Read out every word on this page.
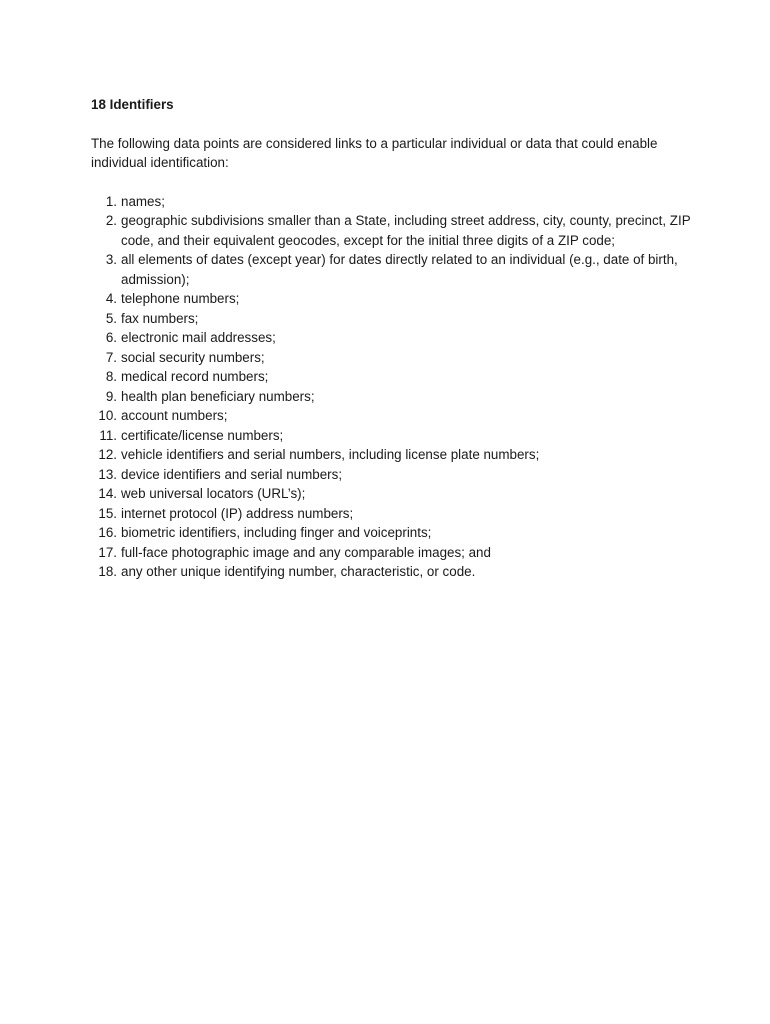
18 Identifiers
The following data points are considered links to a particular individual or data that could enable individual identification:
1. names;
2. geographic subdivisions smaller than a State, including street address, city, county, precinct, ZIP code, and their equivalent geocodes, except for the initial three digits of a ZIP code;
3. all elements of dates (except year) for dates directly related to an individual (e.g., date of birth, admission);
4. telephone numbers;
5. fax numbers;
6. electronic mail addresses;
7. social security numbers;
8. medical record numbers;
9. health plan beneficiary numbers;
10. account numbers;
11. certificate/license numbers;
12. vehicle identifiers and serial numbers, including license plate numbers;
13. device identifiers and serial numbers;
14. web universal locators (URL’s);
15. internet protocol (IP) address numbers;
16. biometric identifiers, including finger and voiceprints;
17. full-face photographic image and any comparable images; and
18. any other unique identifying number, characteristic, or code.
